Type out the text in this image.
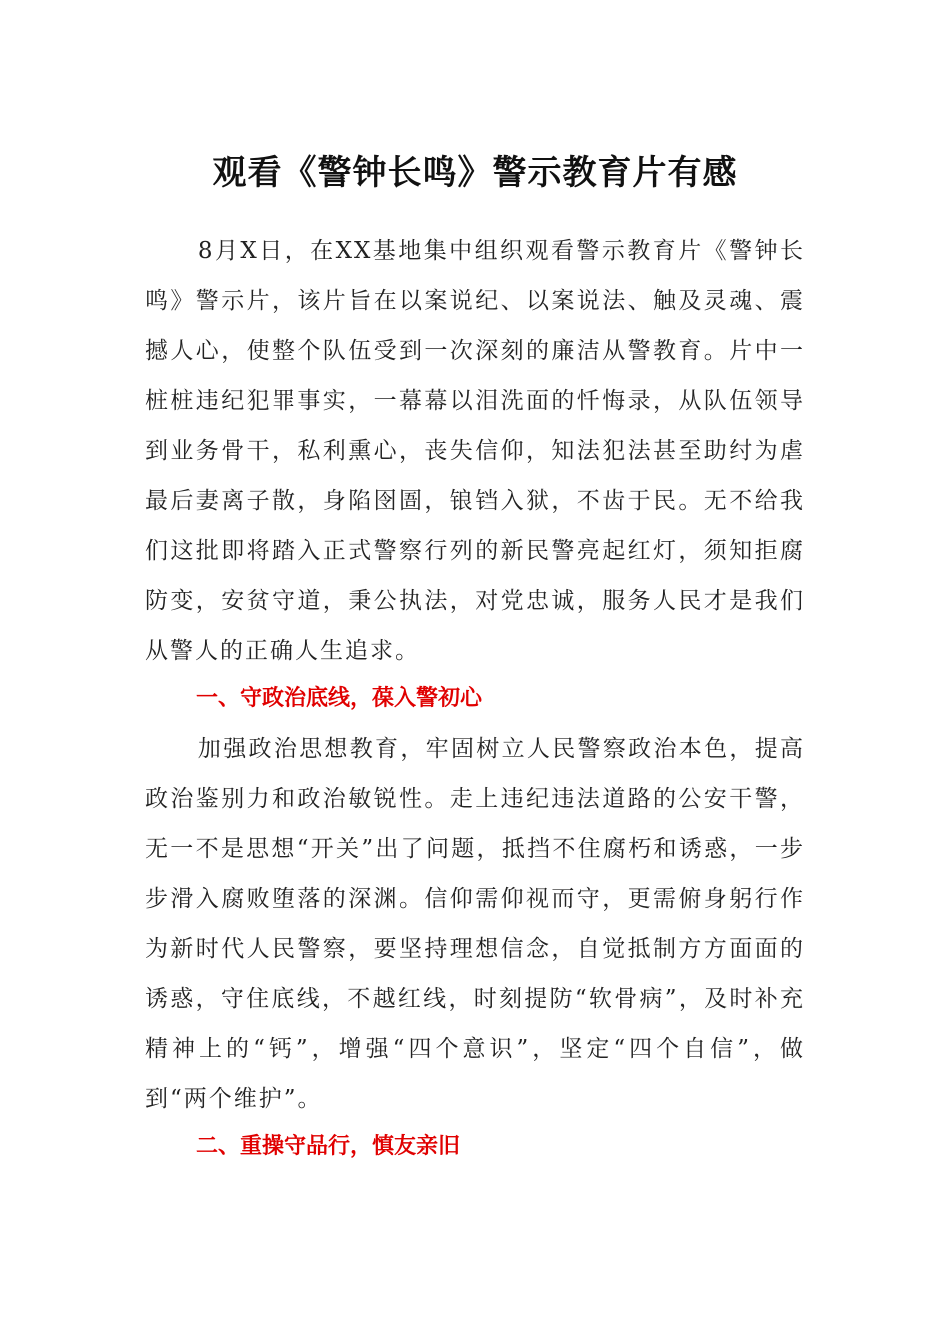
观看《警钟长鸣》警示教育片有感

8月X日，在XX基地集中组织观看警示教育片《警钟长鸣》警示片，该片旨在以案说纪、以案说法、触及灵魂、震撼人心，使整个队伍受到一次深刻的廉洁从警教育。片中一桩桩违纪犯罪事实，一幕幕以泪洗面的忏悔录，从队伍领导到业务骨干，私利熏心，丧失信仰，知法犯法甚至助纣为虐最后妻离子散，身陷囹圄，锒铛入狱，不齿于民。无不给我们这批即将踏入正式警察行列的新民警亮起红灯，须知拒腐防变，安贫守道，秉公执法，对党忠诚，服务人民才是我们从警人的正确人生追求。

一、守政治底线，葆入警初心

加强政治思想教育，牢固树立人民警察政治本色，提高政治鉴别力和政治敏锐性。走上违纪违法道路的公安干警，无一不是思想“开关”出了问题，抵挡不住腐朽和诱惑，一步步滑入腐败堕落的深渊。信仰需仰视而守，更需俯身躬行作为新时代人民警察，要坚持理想信念，自觉抵制方方面面的诱惑，守住底线，不越红线，时刻提防“软骨病”，及时补充精神上的“钙”，增强“四个意识”，坚定“四个自信”，做到“两个维护”。

二、重操守品行，慎友亲旧
